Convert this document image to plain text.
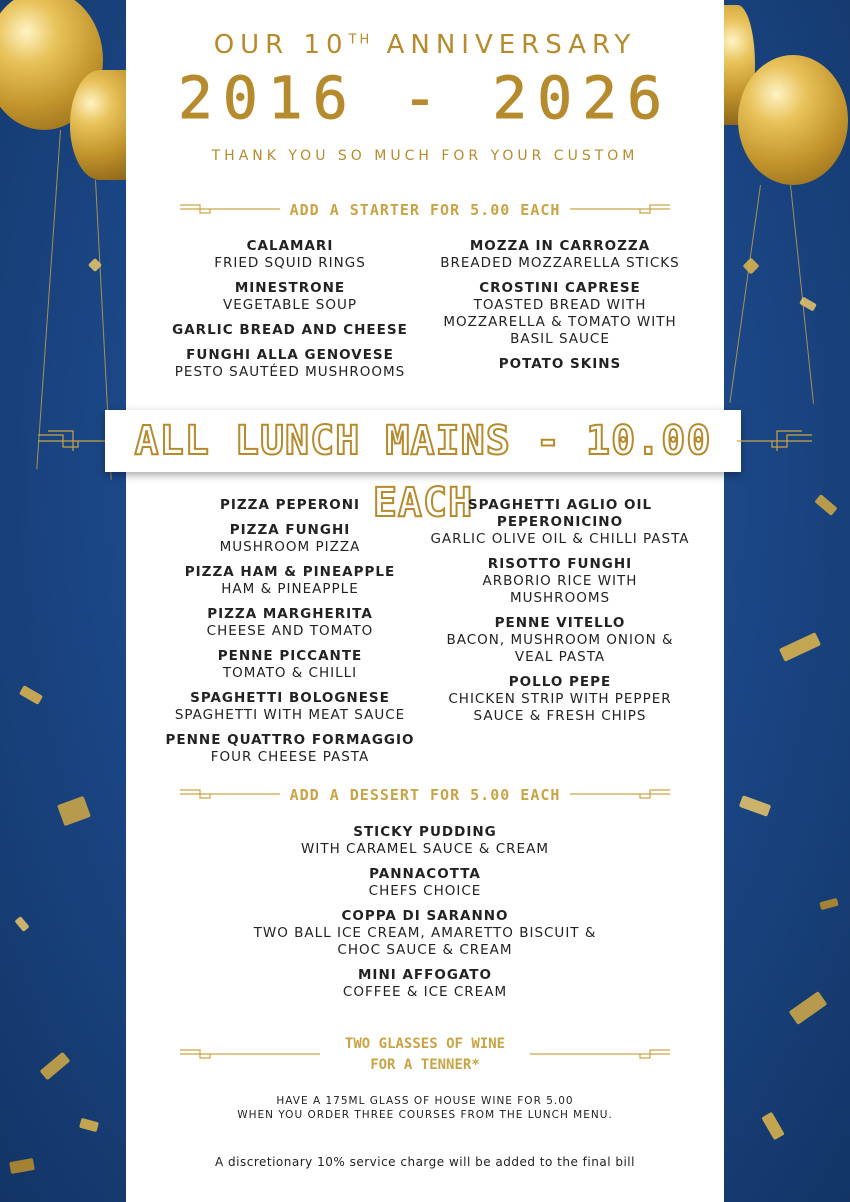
OUR 10TH ANNIVERSARY
2016 - 2026
THANK YOU SO MUCH FOR YOUR CUSTOM
ADD A STARTER FOR 5.00 EACH
CALAMARI
FRIED SQUID RINGS
MINESTRONE
VEGETABLE SOUP
GARLIC BREAD AND CHEESE
FUNGHI ALLA GENOVESE
PESTO SAUTÉED MUSHROOMS
MOZZA IN CARROZZA
BREADED MOZZARELLA STICKS
CROSTINI CAPRESE
TOASTED BREAD WITH MOZZARELLA & TOMATO WITH BASIL SAUCE
POTATO SKINS
ALL LUNCH MAINS - 10.00 EACH
PIZZA PEPERONI
PIZZA FUNGHI
MUSHROOM PIZZA
PIZZA HAM & PINEAPPLE
HAM & PINEAPPLE
PIZZA MARGHERITA
CHEESE AND TOMATO
PENNE PICCANTE
TOMATO & CHILLI
SPAGHETTI BOLOGNESE
SPAGHETTI WITH MEAT SAUCE
PENNE QUATTRO FORMAGGIO
FOUR CHEESE PASTA
SPAGHETTI AGLIO OIL PEPERONICINO
GARLIC OLIVE OIL & CHILLI PASTA
RISOTTO FUNGHI
ARBORIO RICE WITH MUSHROOMS
PENNE VITELLO
BACON, MUSHROOM ONION & VEAL PASTA
POLLO PEPE
CHICKEN STRIP WITH PEPPER SAUCE & FRESH CHIPS
ADD A DESSERT FOR 5.00 EACH
STICKY PUDDING
WITH CARAMEL SAUCE & CREAM
PANNACOTTA
CHEFS CHOICE
COPPA DI SARANNO
TWO BALL ICE CREAM, AMARETTO BISCUIT & CHOC SAUCE & CREAM
MINI AFFOGATO
COFFEE & ICE CREAM
TWO GLASSES OF WINE
FOR A TENNER*
HAVE A 175ML GLASS OF HOUSE WINE FOR 5.00
WHEN YOU ORDER THREE COURSES FROM THE LUNCH MENU.
A discretionary 10% service charge will be added to the final bill
